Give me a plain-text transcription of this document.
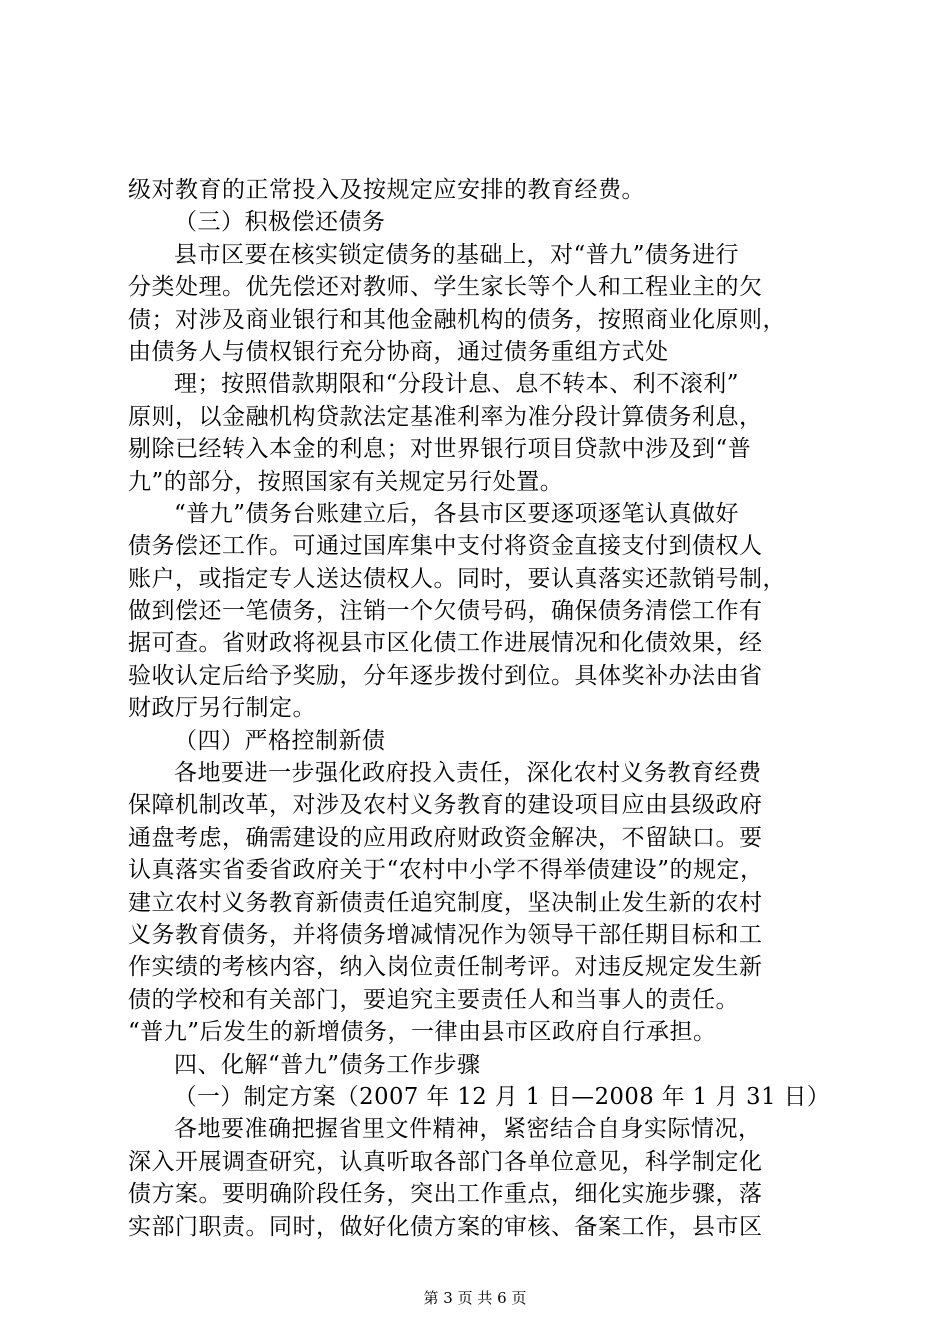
级对教育的正常投入及按规定应安排的教育经费。
（三）积极偿还债务
县市区要在核实锁定债务的基础上，对“普九”债务进行
分类处理。优先偿还对教师、学生家长等个人和工程业主的欠
债；对涉及商业银行和其他金融机构的债务，按照商业化原则，
由债务人与债权银行充分协商，通过债务重组方式处
理；按照借款期限和“分段计息、息不转本、利不滚利”
原则，以金融机构贷款法定基准利率为准分段计算债务利息，
剔除已经转入本金的利息；对世界银行项目贷款中涉及到“普
九”的部分，按照国家有关规定另行处置。
“普九”债务台账建立后，各县市区要逐项逐笔认真做好
债务偿还工作。可通过国库集中支付将资金直接支付到债权人
账户，或指定专人送达债权人。同时，要认真落实还款销号制，
做到偿还一笔债务，注销一个欠债号码，确保债务清偿工作有
据可查。省财政将视县市区化债工作进展情况和化债效果，经
验收认定后给予奖励，分年逐步拨付到位。具体奖补办法由省
财政厅另行制定。
（四）严格控制新债
各地要进一步强化政府投入责任，深化农村义务教育经费
保障机制改革，对涉及农村义务教育的建设项目应由县级政府
通盘考虑，确需建设的应用政府财政资金解决，不留缺口。要
认真落实省委省政府关于“农村中小学不得举债建设”的规定，
建立农村义务教育新债责任追究制度，坚决制止发生新的农村
义务教育债务，并将债务增减情况作为领导干部任期目标和工
作实绩的考核内容，纳入岗位责任制考评。对违反规定发生新
债的学校和有关部门，要追究主要责任人和当事人的责任。
“普九”后发生的新增债务，一律由县市区政府自行承担。
四、化解“普九”债务工作步骤
（一）制定方案（2007 年 12 月 1 日—2008 年 1 月 31 日）
各地要准确把握省里文件精神，紧密结合自身实际情况，
深入开展调查研究，认真听取各部门各单位意见，科学制定化
债方案。要明确阶段任务，突出工作重点，细化实施步骤，落
实部门职责。同时，做好化债方案的审核、备案工作，县市区
第 3 页 共 6 页
